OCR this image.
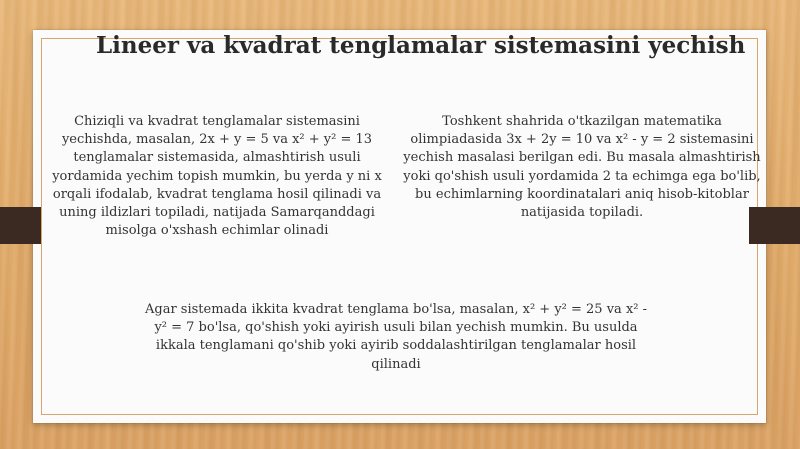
Lineer va kvadrat tenglamalar sistemasini yechish

Chiziqli va kvadrat tenglamalar sistemasini yechishda, masalan, 2x + y = 5 va x² + y² = 13 tenglamalar sistemasida, almashtirish usuli yordamida yechim topish mumkin, bu yerda y ni x orqali ifodalab, kvadrat tenglama hosil qilinadi va uning ildizlari topiladi, natijada Samarqanddagi misolga o'xshash echimlar olinadi

Toshkent shahrida o'tkazilgan matematika olimpiadasida 3x + 2y = 10 va x² - y = 2 sistemasini yechish masalasi berilgan edi. Bu masala almashtirish yoki qo'shish usuli yordamida 2 ta echimga ega bo'lib, bu echimlarning koordinatalari aniq hisob-kitoblar natijasida topiladi.

Agar sistemada ikkita kvadrat tenglama bo'lsa, masalan, x² + y² = 25 va x² - y² = 7 bo'lsa, qo'shish yoki ayirish usuli bilan yechish mumkin. Bu usulda ikkala tenglamani qo'shib yoki ayirib soddalashtirilgan tenglamalar hosil qilinadi
